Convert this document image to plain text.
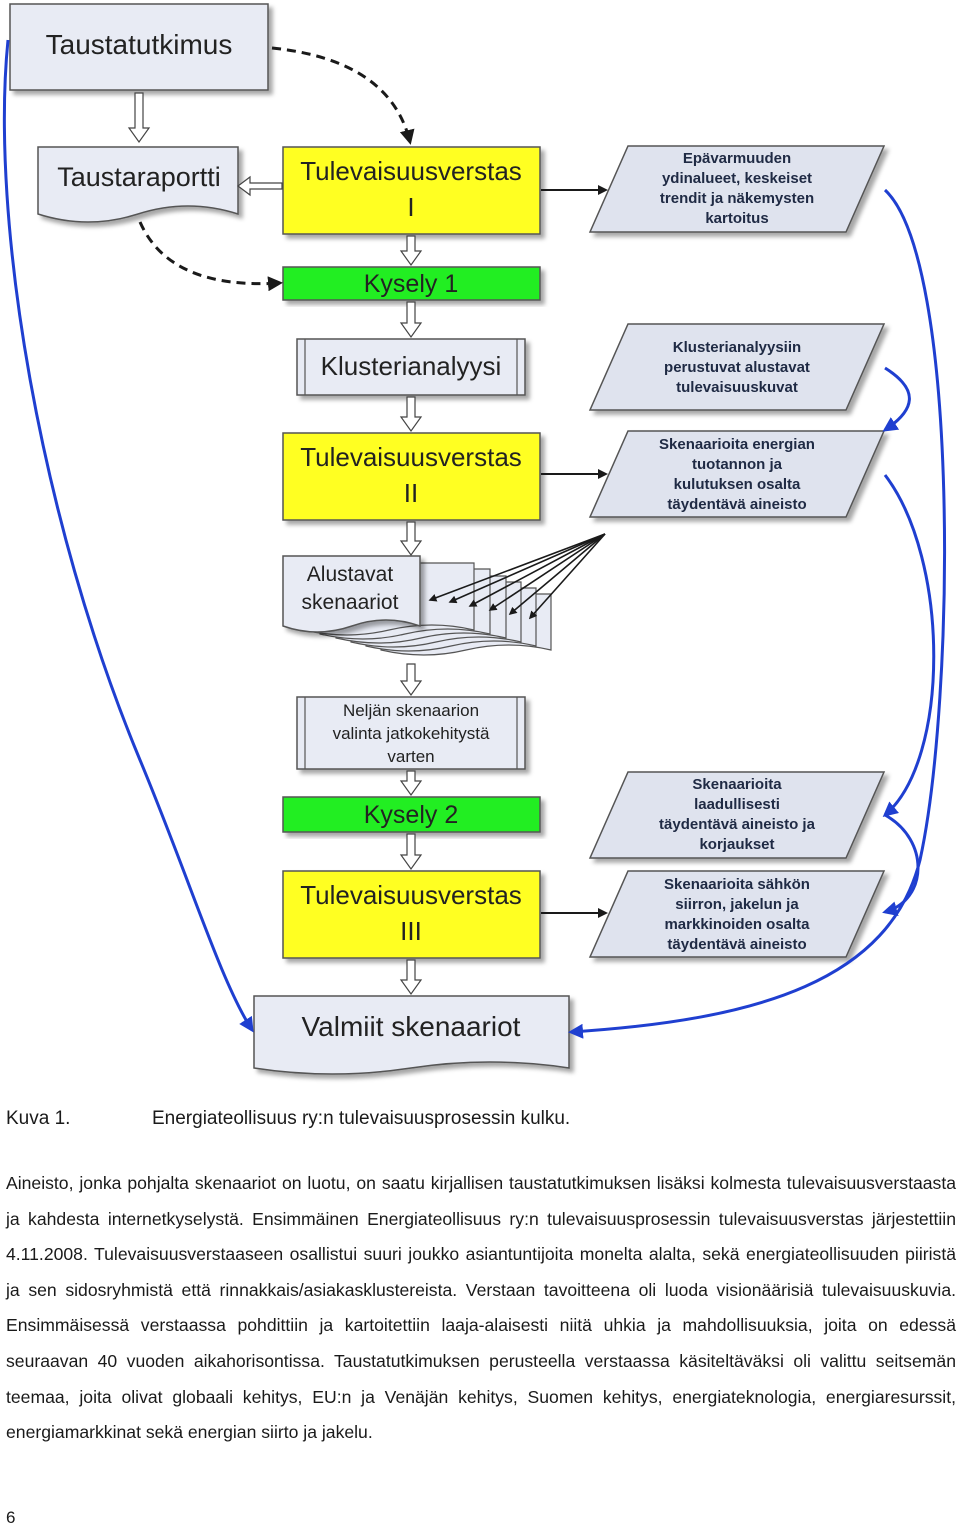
Taustatutkimus
Taustaraportti	Tulevaisuusverstas
I
Kysely 1
Klusterianalyysi
Tulevaisuusverstas
II
Alustavat
skenaariot
Neljän skenaarion
valinta jatkokehitystä
varten
Kysely 2
Tulevaisuusverstas
III
Valmiit skenaariot
Epävarmuuden
ydinalueet, keskeiset
trendit ja näkemysten
kartoitus
Klusterianalyysiin
perustuvat alustavat
tulevaisuuskuvat
Skenaarioita energian
tuotannon ja
kulutuksen osalta
täydentävä aineisto
Skenaarioita
laadullisesti
täydentävä aineisto ja
korjaukset
Skenaarioita sähkön
siirron, jakelun ja
markkinoiden osalta
täydentävä aineisto
Kuva 1.	Energiateollisuus ry:n tulevaisuusprosessin kulku.

Aineisto, jonka pohjalta skenaariot on luotu, on saatu kirjallisen taustatutkimuksen lisäksi kolmesta tulevaisuusverstaasta ja kahdesta internetkyselystä. Ensimmäinen Energiateollisuus ry:n tulevaisuusprosessin tulevaisuusverstas järjestettiin 4.11.2008. Tulevaisuusverstaaseen osallistui suuri joukko asiantuntijoita monelta alalta, sekä energiateollisuuden piiristä ja sen sidosryhmistä että rinnakkais/asiakasklustereista. Verstaan tavoitteena oli luoda visionäärisiä tulevaisuuskuvia. Ensimmäisessä verstaassa pohdittiin ja kartoitettiin laaja-alaisesti niitä uhkia ja mahdollisuuksia, joita on edessä seuraavan 40 vuoden aikahorisontissa. Taustatutkimuksen perusteella verstaassa käsiteltäväksi oli valittu seitsemän teemaa, joita olivat globaali kehitys, EU:n ja Venäjän kehitys, Suomen kehitys, energiateknologia, energiaresurssit, energiamarkkinat sekä energian siirto ja jakelu.

6
